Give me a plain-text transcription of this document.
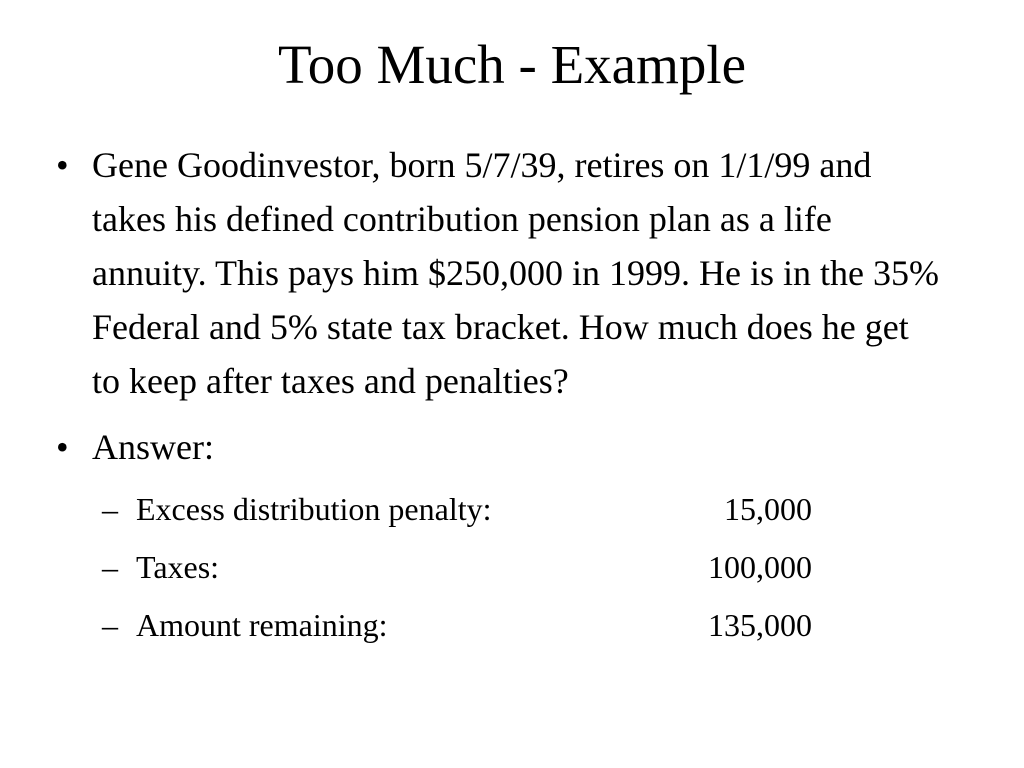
Too Much - Example
• Gene Goodinvestor, born 5/7/39, retires on 1/1/99 and takes his defined contribution pension plan as a life annuity. This pays him $250,000 in 1999. He is in the 35% Federal and 5% state tax bracket. How much does he get to keep after taxes and penalties?
• Answer:
– Excess distribution penalty:	15,000
– Taxes:	100,000
– Amount remaining:	135,000
